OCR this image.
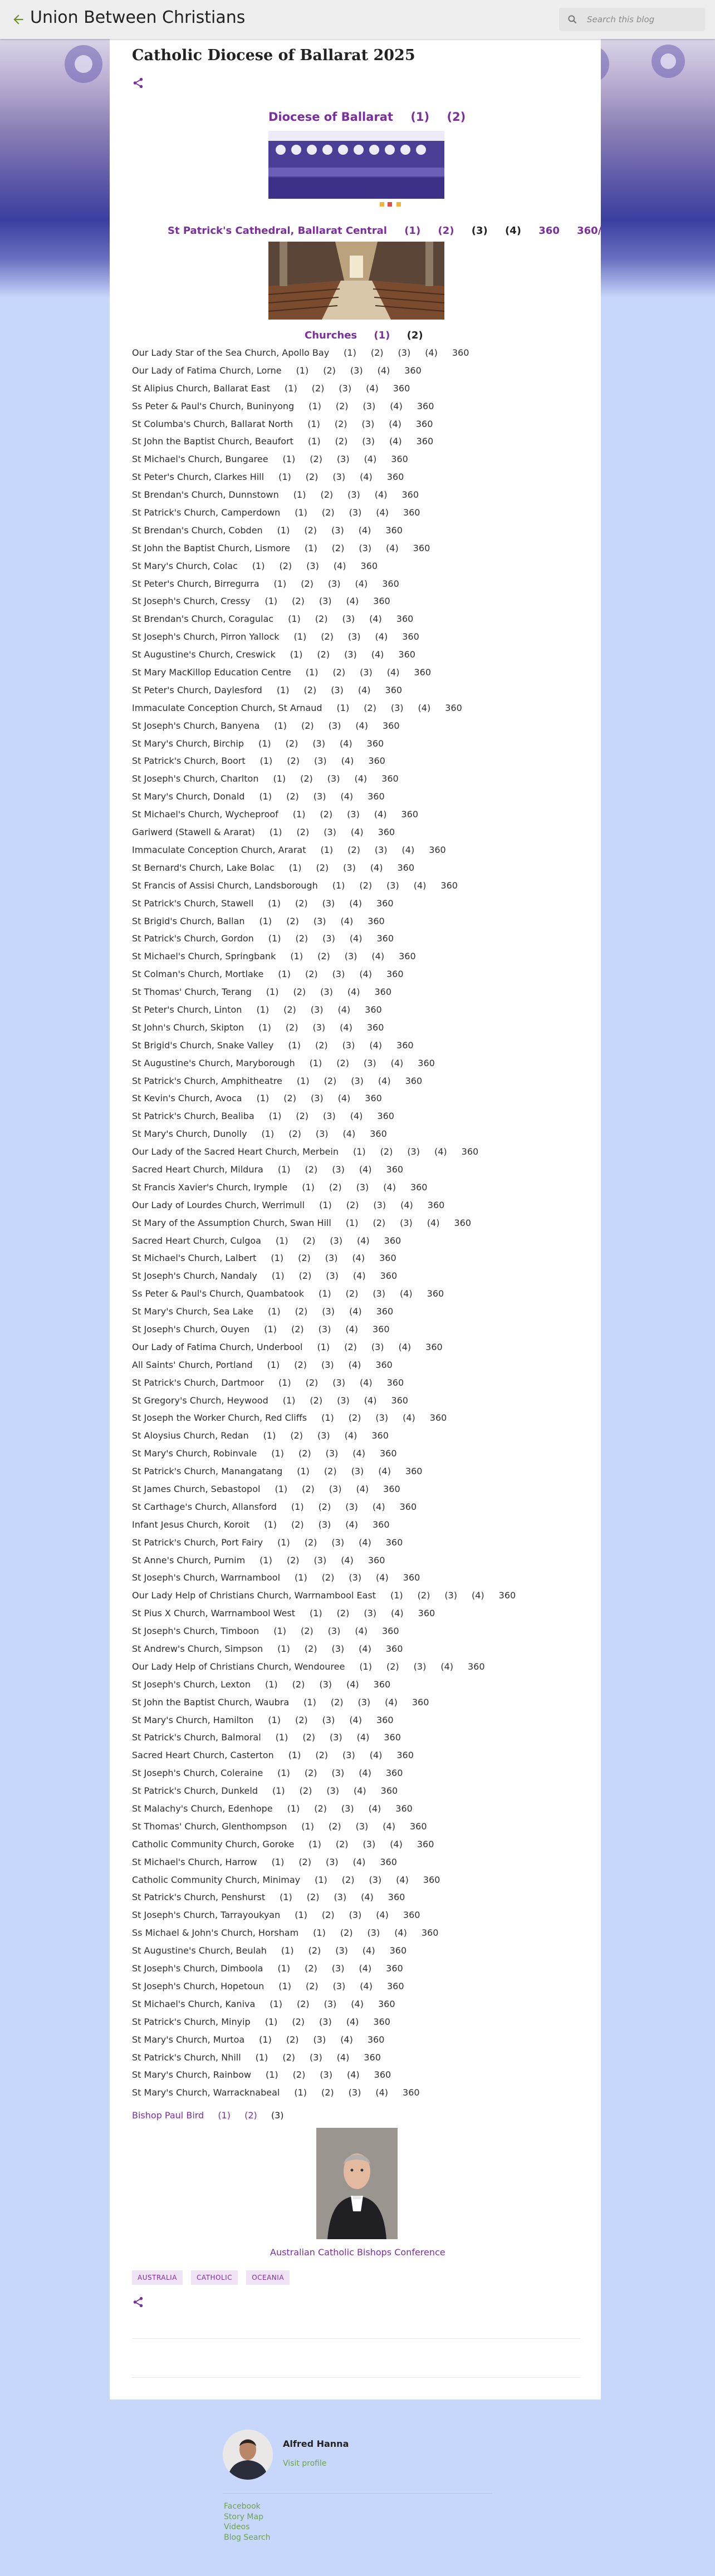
Union Between Christians	Search this blog
Catholic Diocese of Ballarat 2025
Diocese of Ballarat (1) (2)
St Patrick's Cathedral, Ballarat Central (1) (2) (3) (4) 360 360/
Churches (1) (2)
Our Lady Star of the Sea Church, Apollo Bay (1) (2) (3) (4) 360
Our Lady of Fatima Church, Lorne (1) (2) (3) (4) 360
St Alipius Church, Ballarat East (1) (2) (3) (4) 360
Ss Peter & Paul's Church, Buninyong (1) (2) (3) (4) 360
St Columba's Church, Ballarat North (1) (2) (3) (4) 360
St John the Baptist Church, Beaufort (1) (2) (3) (4) 360
St Michael's Church, Bungaree (1) (2) (3) (4) 360
St Peter's Church, Clarkes Hill (1) (2) (3) (4) 360
St Brendan's Church, Dunnstown (1) (2) (3) (4) 360
St Patrick's Church, Camperdown (1) (2) (3) (4) 360
St Brendan's Church, Cobden (1) (2) (3) (4) 360
St John the Baptist Church, Lismore (1) (2) (3) (4) 360
St Mary's Church, Colac (1) (2) (3) (4) 360
St Peter's Church, Birregurra (1) (2) (3) (4) 360
St Joseph's Church, Cressy (1) (2) (3) (4) 360
St Brendan's Church, Coragulac (1) (2) (3) (4) 360
St Joseph's Church, Pirron Yallock (1) (2) (3) (4) 360
St Augustine's Church, Creswick (1) (2) (3) (4) 360
St Mary MacKillop Education Centre (1) (2) (3) (4) 360
St Peter's Church, Daylesford (1) (2) (3) (4) 360
Immaculate Conception Church, St Arnaud (1) (2) (3) (4) 360
St Joseph's Church, Banyena (1) (2) (3) (4) 360
St Mary's Church, Birchip (1) (2) (3) (4) 360
St Patrick's Church, Boort (1) (2) (3) (4) 360
St Joseph's Church, Charlton (1) (2) (3) (4) 360
St Mary's Church, Donald (1) (2) (3) (4) 360
St Michael's Church, Wycheproof (1) (2) (3) (4) 360
Gariwerd (Stawell & Ararat) (1) (2) (3) (4) 360
Immaculate Conception Church, Ararat (1) (2) (3) (4) 360
St Bernard's Church, Lake Bolac (1) (2) (3) (4) 360
St Francis of Assisi Church, Landsborough (1) (2) (3) (4) 360
St Patrick's Church, Stawell (1) (2) (3) (4) 360
St Brigid's Church, Ballan (1) (2) (3) (4) 360
St Patrick's Church, Gordon (1) (2) (3) (4) 360
St Michael's Church, Springbank (1) (2) (3) (4) 360
St Colman's Church, Mortlake (1) (2) (3) (4) 360
St Thomas' Church, Terang (1) (2) (3) (4) 360
St Peter's Church, Linton (1) (2) (3) (4) 360
St John's Church, Skipton (1) (2) (3) (4) 360
St Brigid's Church, Snake Valley (1) (2) (3) (4) 360
St Augustine's Church, Maryborough (1) (2) (3) (4) 360
St Patrick's Church, Amphitheatre (1) (2) (3) (4) 360
St Kevin's Church, Avoca (1) (2) (3) (4) 360
St Patrick's Church, Bealiba (1) (2) (3) (4) 360
St Mary's Church, Dunolly (1) (2) (3) (4) 360
Our Lady of the Sacred Heart Church, Merbein (1) (2) (3) (4) 360
Sacred Heart Church, Mildura (1) (2) (3) (4) 360
St Francis Xavier's Church, Irymple (1) (2) (3) (4) 360
Our Lady of Lourdes Church, Werrimull (1) (2) (3) (4) 360
St Mary of the Assumption Church, Swan Hill (1) (2) (3) (4) 360
Sacred Heart Church, Culgoa (1) (2) (3) (4) 360
St Michael's Church, Lalbert (1) (2) (3) (4) 360
St Joseph's Church, Nandaly (1) (2) (3) (4) 360
Ss Peter & Paul's Church, Quambatook (1) (2) (3) (4) 360
St Mary's Church, Sea Lake (1) (2) (3) (4) 360
St Joseph's Church, Ouyen (1) (2) (3) (4) 360
Our Lady of Fatima Church, Underbool (1) (2) (3) (4) 360
All Saints' Church, Portland (1) (2) (3) (4) 360
St Patrick's Church, Dartmoor (1) (2) (3) (4) 360
St Gregory's Church, Heywood (1) (2) (3) (4) 360
St Joseph the Worker Church, Red Cliffs (1) (2) (3) (4) 360
St Aloysius Church, Redan (1) (2) (3) (4) 360
St Mary's Church, Robinvale (1) (2) (3) (4) 360
St Patrick's Church, Manangatang (1) (2) (3) (4) 360
St James Church, Sebastopol (1) (2) (3) (4) 360
St Carthage's Church, Allansford (1) (2) (3) (4) 360
Infant Jesus Church, Koroit (1) (2) (3) (4) 360
St Patrick's Church, Port Fairy (1) (2) (3) (4) 360
St Anne's Church, Purnim (1) (2) (3) (4) 360
St Joseph's Church, Warrnambool (1) (2) (3) (4) 360
Our Lady Help of Christians Church, Warrnambool East (1) (2) (3) (4) 360
St Pius X Church, Warrnambool West (1) (2) (3) (4) 360
St Joseph's Church, Timboon (1) (2) (3) (4) 360
St Andrew's Church, Simpson (1) (2) (3) (4) 360
Our Lady Help of Christians Church, Wendouree (1) (2) (3) (4) 360
St Joseph's Church, Lexton (1) (2) (3) (4) 360
St John the Baptist Church, Waubra (1) (2) (3) (4) 360
St Mary's Church, Hamilton (1) (2) (3) (4) 360
St Patrick's Church, Balmoral (1) (2) (3) (4) 360
Sacred Heart Church, Casterton (1) (2) (3) (4) 360
St Joseph's Church, Coleraine (1) (2) (3) (4) 360
St Patrick's Church, Dunkeld (1) (2) (3) (4) 360
St Malachy's Church, Edenhope (1) (2) (3) (4) 360
St Thomas' Church, Glenthompson (1) (2) (3) (4) 360
Catholic Community Church, Goroke (1) (2) (3) (4) 360
St Michael's Church, Harrow (1) (2) (3) (4) 360
Catholic Community Church, Minimay (1) (2) (3) (4) 360
St Patrick's Church, Penshurst (1) (2) (3) (4) 360
St Joseph's Church, Tarrayoukyan (1) (2) (3) (4) 360
Ss Michael & John's Church, Horsham (1) (2) (3) (4) 360
St Augustine's Church, Beulah (1) (2) (3) (4) 360
St Joseph's Church, Dimboola (1) (2) (3) (4) 360
St Joseph's Church, Hopetoun (1) (2) (3) (4) 360
St Michael's Church, Kaniva (1) (2) (3) (4) 360
St Patrick's Church, Minyip (1) (2) (3) (4) 360
St Mary's Church, Murtoa (1) (2) (3) (4) 360
St Patrick's Church, Nhill (1) (2) (3) (4) 360
St Mary's Church, Rainbow (1) (2) (3) (4) 360
St Mary's Church, Warracknabeal (1) (2) (3) (4) 360
Bishop Paul Bird (1) (2) (3)
Australian Catholic Bishops Conference
AUSTRALIA	CATHOLIC	OCEANIA
Alfred Hanna
Visit profile
Facebook
Story Map
Videos
Blog Search
